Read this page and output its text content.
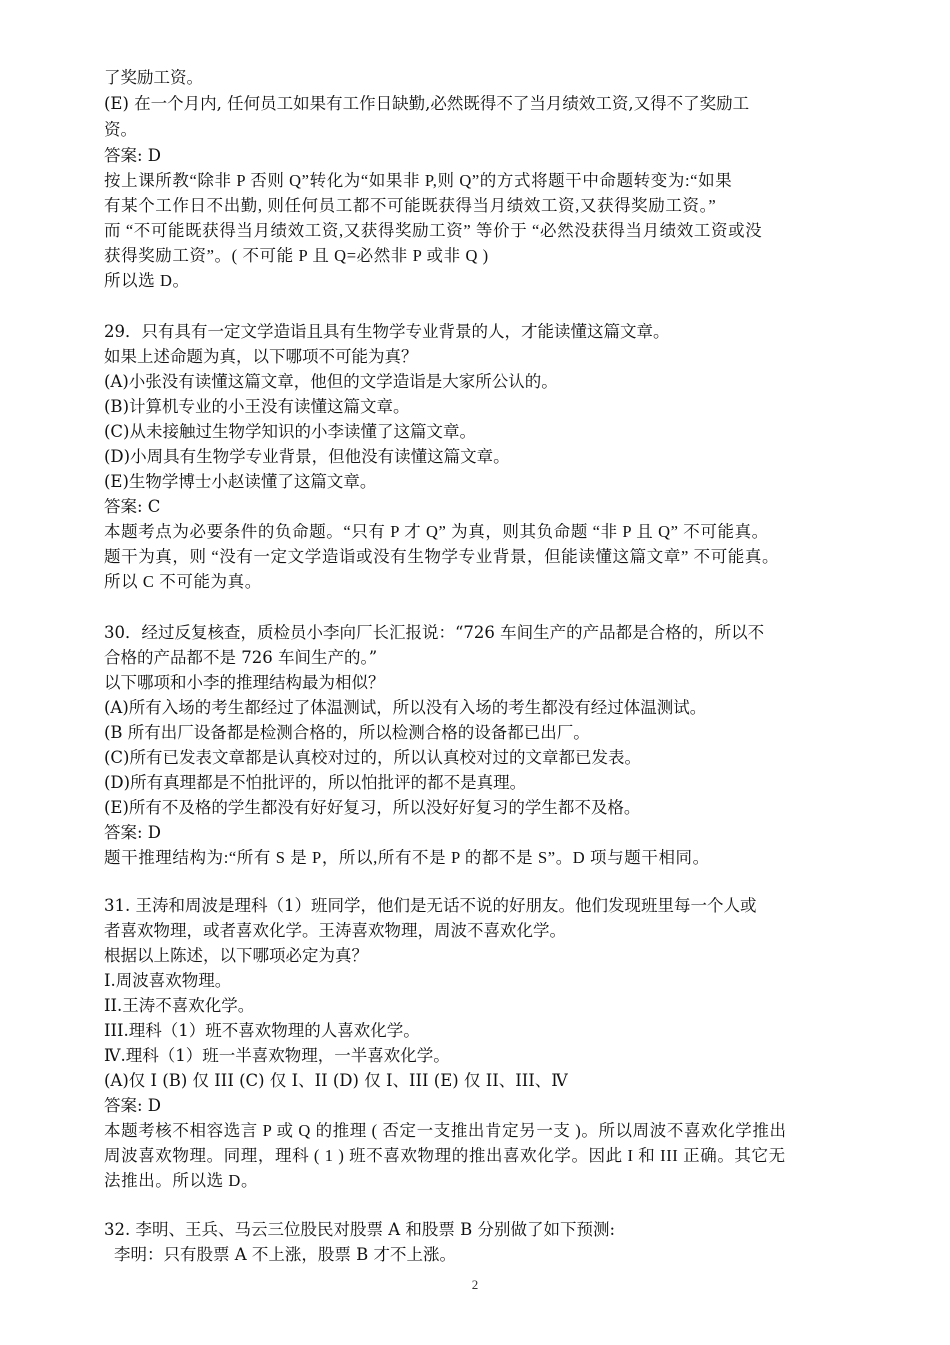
了奖励工资。
(E) 在一个月内, 任何员工如果有工作日缺勤,必然既得不了当月绩效工资,又得不了奖励工
资。
答案: D
按上课所教“除非 P 否则 Q”转化为“如果非 P,则 Q”的方式将题干中命题转变为:“如果
有某个工作日不出勤, 则任何员工都不可能既获得当月绩效工资,又获得奖励工资。”
而 “不可能既获得当月绩效工资,又获得奖励工资” 等价于 “必然没获得当月绩效工资或没
获得奖励工资”。( 不可能 P 且 Q=必然非 P 或非 Q )
所以选 D。
29．只有具有一定文学造诣且具有生物学专业背景的人，才能读懂这篇文章。
如果上述命题为真，以下哪项不可能为真？
(A)小张没有读懂这篇文章，他但的文学造诣是大家所公认的。
(B)计算机专业的小王没有读懂这篇文章。
(C)从未接触过生物学知识的小李读懂了这篇文章。
(D)小周具有生物学专业背景，但他没有读懂这篇文章。
(E)生物学博士小赵读懂了这篇文章。
答案: C
本题考点为必要条件的负命题。“只有 P 才 Q” 为真，则其负命题 “非 P 且 Q” 不可能真。
题干为真，则 “没有一定文学造诣或没有生物学专业背景，但能读懂这篇文章” 不可能真。
所以 C 不可能为真。
30．经过反复核查，质检员小李向厂长汇报说：“726 车间生产的产品都是合格的，所以不
合格的产品都不是 726 车间生产的。”
以下哪项和小李的推理结构最为相似？
(A)所有入场的考生都经过了体温测试，所以没有入场的考生都没有经过体温测试。
(B 所有出厂设备都是检测合格的，所以检测合格的设备都已出厂。
(C)所有已发表文章都是认真校对过的，所以认真校对过的文章都已发表。
(D)所有真理都是不怕批评的，所以怕批评的都不是真理。
(E)所有不及格的学生都没有好好复习，所以没好好复习的学生都不及格。
答案: D
题干推理结构为:“所有 S 是 P，所以,所有不是 P 的都不是 S”。D 项与题干相同。
31. 王涛和周波是理科（1）班同学，他们是无话不说的好朋友。他们发现班里每一个人或
者喜欢物理，或者喜欢化学。王涛喜欢物理，周波不喜欢化学。
根据以上陈述，以下哪项必定为真？
I.周波喜欢物理。
II.王涛不喜欢化学。
III.理科（1）班不喜欢物理的人喜欢化学。
Ⅳ.理科（1）班一半喜欢物理，一半喜欢化学。
(A)仅 I (B) 仅 III (C) 仅 I、II (D) 仅 I、III (E) 仅 II、III、Ⅳ
答案: D
本题考核不相容选言 P 或 Q 的推理 ( 否定一支推出肯定另一支 )。所以周波不喜欢化学推出
周波喜欢物理。同理，理科 ( 1 ) 班不喜欢物理的推出喜欢化学。因此 I 和 III 正确。其它无
法推出。所以选 D。
32. 李明、王兵、马云三位股民对股票 A 和股票 B 分别做了如下预测:
李明：只有股票 A 不上涨，股票 B 才不上涨。
2
